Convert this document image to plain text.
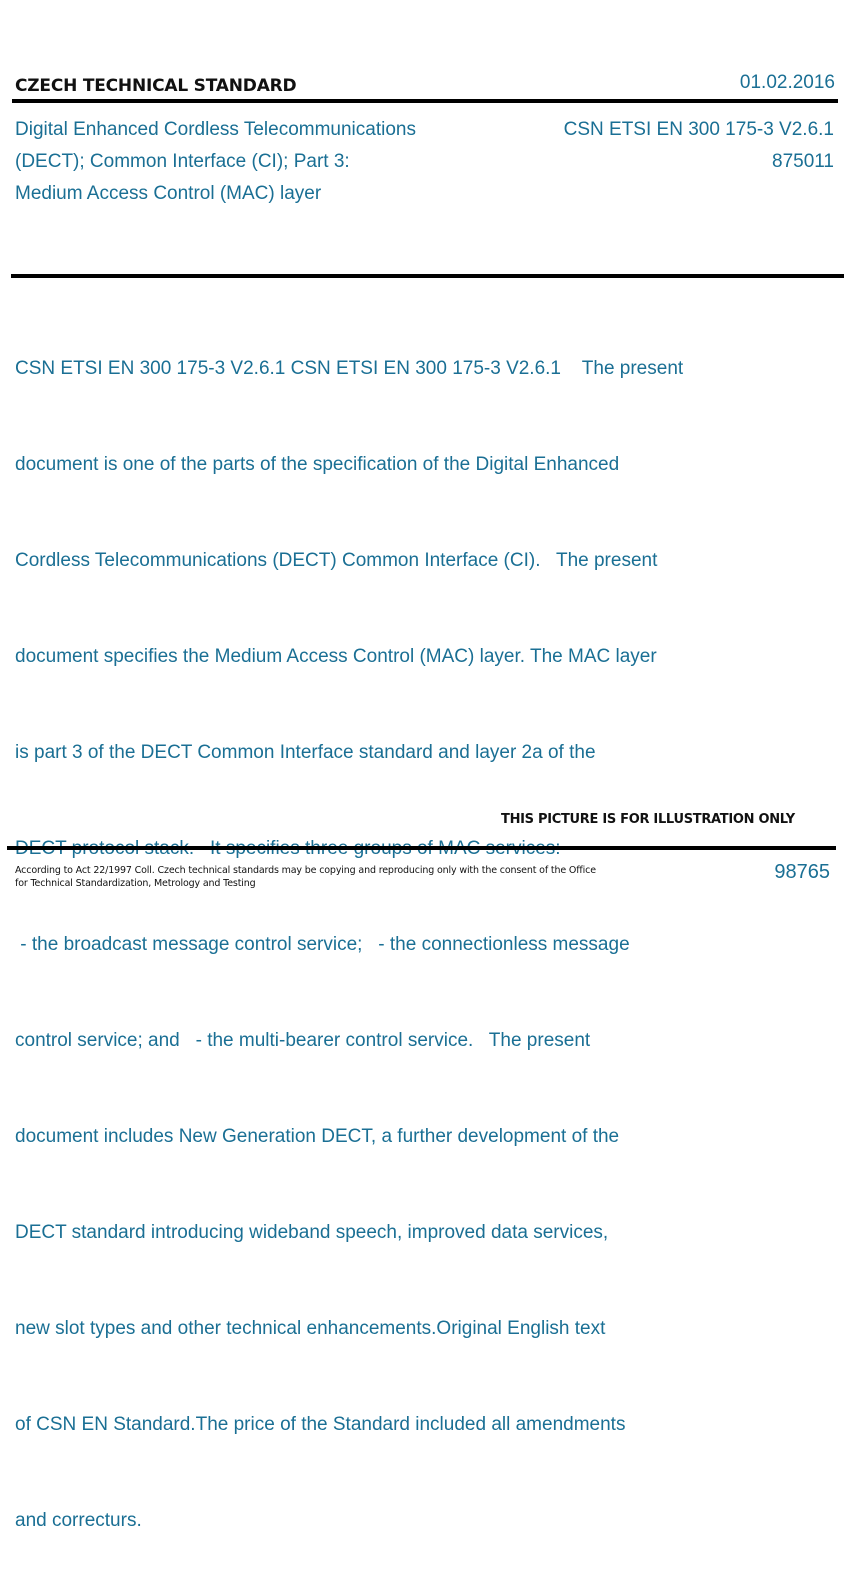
CZECH TECHNICAL STANDARD	01.02.2016
Digital Enhanced Cordless Telecommunications
(DECT); Common Interface (CI); Part 3:
Medium Access Control (MAC) layer
CSN ETSI EN 300 175-3 V2.6.1
875011

CSN ETSI EN 300 175-3 V2.6.1 CSN ETSI EN 300 175-3 V2.6.1    The present

document is one of the parts of the specification of the Digital Enhanced

Cordless Telecommunications (DECT) Common Interface (CI).   The present

document specifies the Medium Access Control (MAC) layer. The MAC layer

is part 3 of the DECT Common Interface standard and layer 2a of the

- the broadcast message control service;   - the connectionless message

control service; and   - the multi-bearer control service.   The present

document includes New Generation DECT, a further development of the

DECT standard introducing wideband speech, improved data services,

new slot types and other technical enhancements.Original English text

of CSN EN Standard.The price of the Standard included all amendments

and correcturs.

THIS PICTURE IS FOR ILLUSTRATION ONLY
According to Act 22/1997 Coll. Czech technical standards may be copying and reproducing only with the consent of the Office
for Technical Standardization, Metrology and Testing
98765
